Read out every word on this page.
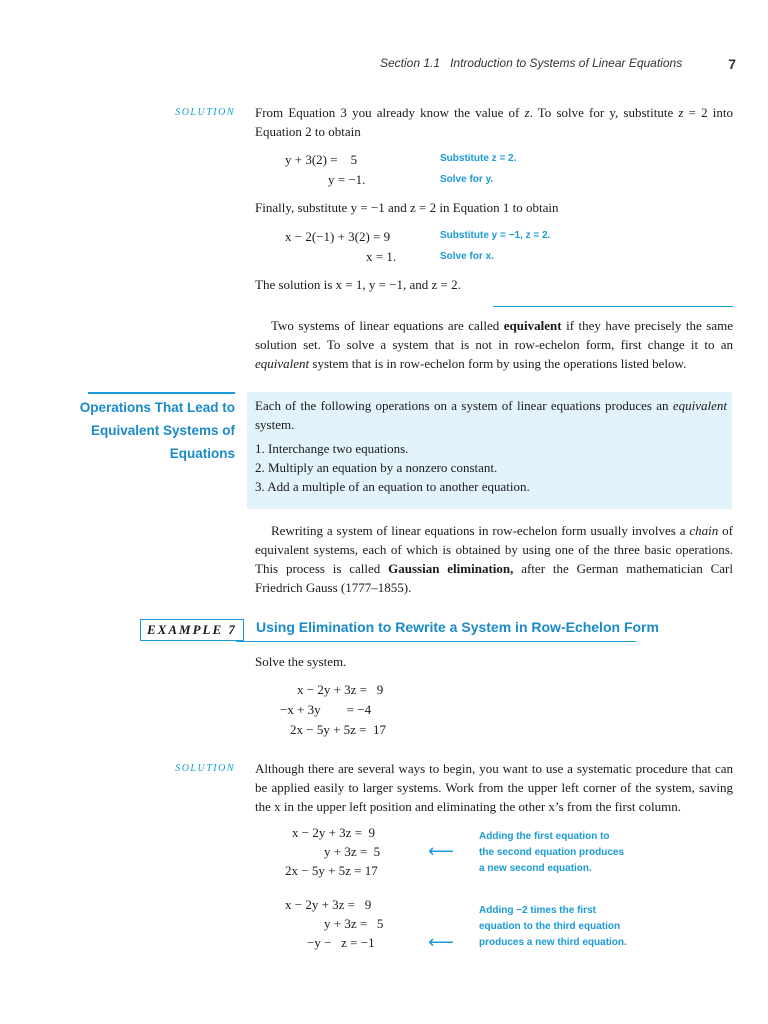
Section 1.1 Introduction to Systems of Linear Equations	7
SOLUTION From Equation 3 you already know the value of z. To solve for y, substitute z = 2 into Equation 2 to obtain
y + 3(2) =    5
y = −1.
Substitute z = 2.
Solve for y.
Finally, substitute y = −1 and z = 2 in Equation 1 to obtain
x − 2(−1) + 3(2) = 9
x = 1.
Substitute y = −1, z = 2.
Solve for x.
The solution is x = 1, y = −1, and z = 2.
Two systems of linear equations are called equivalent if they have precisely the same solution set. To solve a system that is not in row-echelon form, first change it to an equivalent system that is in row-echelon form by using the operations listed below.
Operations That Lead to
Equivalent Systems of
Equations
Each of the following operations on a system of linear equations produces an equivalent system.
1. Interchange two equations.
2. Multiply an equation by a nonzero constant.
3. Add a multiple of an equation to another equation.
Rewriting a system of linear equations in row-echelon form usually involves a chain of equivalent systems, each of which is obtained by using one of the three basic operations. This process is called Gaussian elimination, after the German mathematician Carl Friedrich Gauss (1777–1855).
EXAMPLE 7	Using Elimination to Rewrite a System in Row-Echelon Form
Solve the system.
x − 2y + 3z =   9
−x + 3y        = −4
2x − 5y + 5z =  17
SOLUTION Although there are several ways to begin, you want to use a systematic procedure that can be applied easily to larger systems. Work from the upper left corner of the system, saving the x in the upper left position and eliminating the other x’s from the first column.
x − 2y + 3z =  9
y + 3z =  5
2x − 5y + 5z = 17
⟵
Adding the first equation to
the second equation produces
a new second equation.
x − 2y + 3z =   9
y + 3z =   5
−y −   z = −1	⟵
Adding −2 times the first
equation to the third equation
produces a new third equation.
